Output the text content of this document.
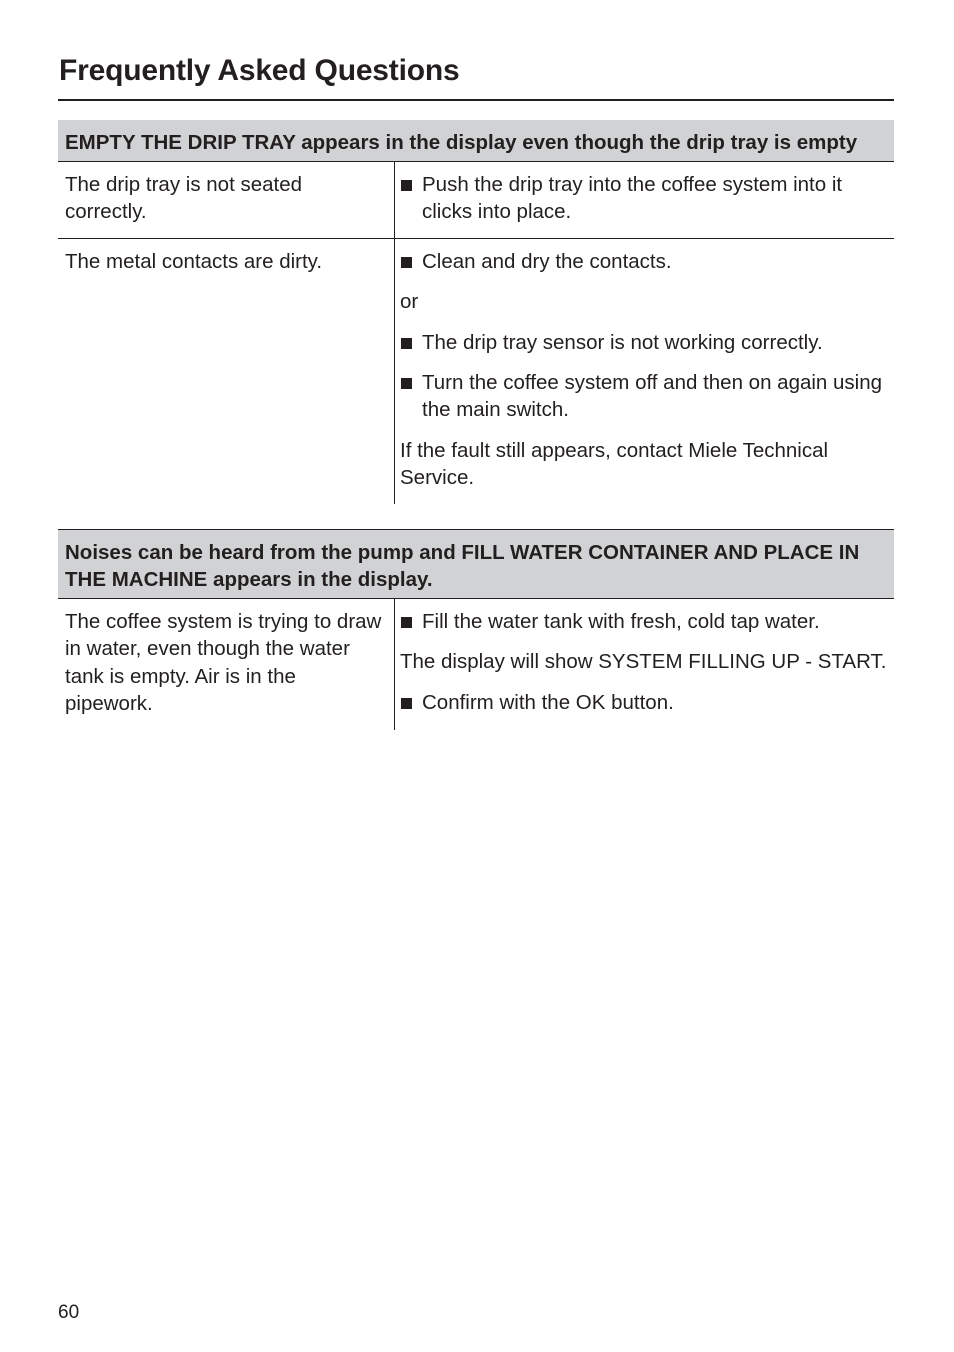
Frequently Asked Questions
EMPTY THE DRIP TRAY appears in the display even though the drip tray is empty
The drip tray is not seated correctly.
Push the drip tray into the coffee system into it clicks into place.
The metal contacts are dirty.	Clean and dry the contacts.
or
The drip tray sensor is not working correctly.
Turn the coffee system off and then on again using the main switch.
If the fault still appears, contact Miele Technical Service.
Noises can be heard from the pump and FILL WATER CONTAINER AND PLACE IN THE MACHINE appears in the display.
The coffee system is trying to draw in water, even though the water tank is empty. Air is in the pipework.
Fill the water tank with fresh, cold tap water.
The display will show SYSTEM FILLING UP - START.
Confirm with the OK button.
60
